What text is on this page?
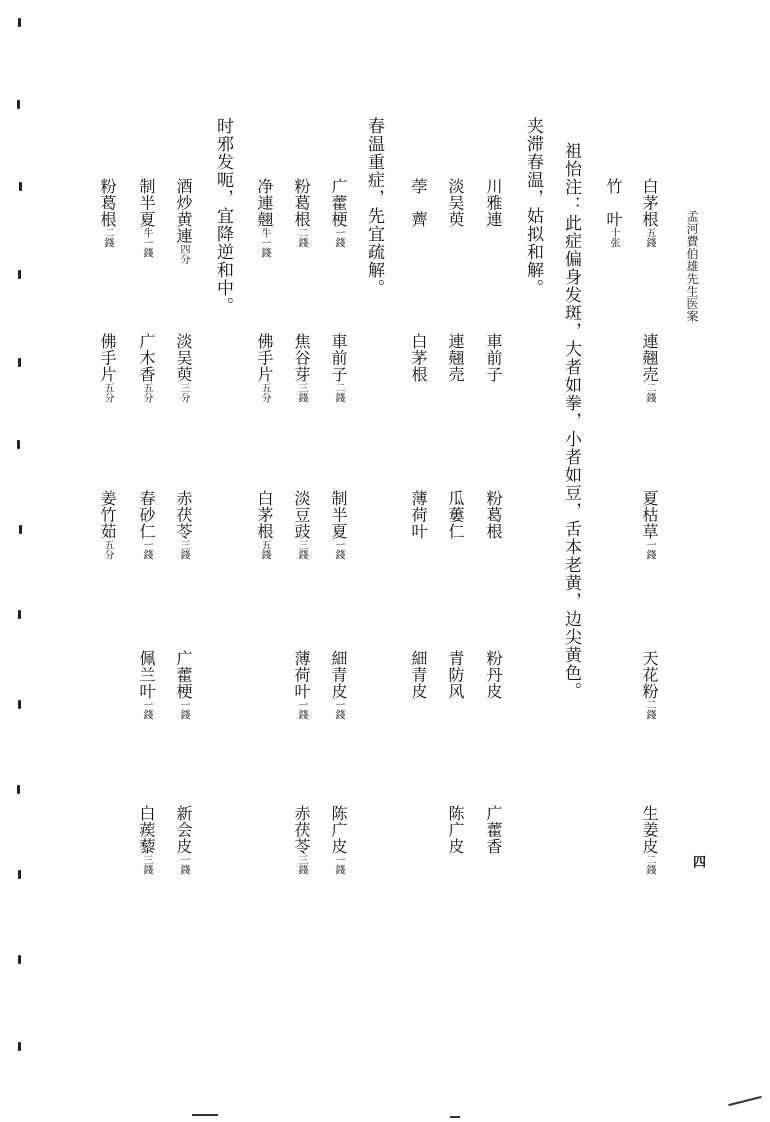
孟河費伯雄先生医案
四
白茅根五錢
連翹売二錢
夏枯草一錢
天花粉二錢
生姜皮二錢
竹　叶十张
祖怡注：此症偏身发斑，大者如拳，小者如豆，舌本老黄，边尖黄色。
夹滞春温，姑拟和解。
川雅連
車前子
粉葛根
粉丹皮
广藿香
淡吴萸
連翹売
瓜蔞仁
青防风
陈广皮
荸　薺
白茅根
薄荷叶
細青皮
春温重症，先宜疏解。
广藿梗一錢
車前子二錢
制半夏一錢
細青皮一錢
陈广皮一錢
粉葛根二錢
焦谷芽三錢
淡豆豉三錢
薄荷叶一錢
赤茯苓三錢
净連翹牛一錢
佛手片五分
白茅根五錢
时邪发呃，宜降逆和中。
酒炒黄連四分
淡吴萸三分
赤茯苓三錢
广藿梗一錢
新会皮一錢
制半夏牛一錢
广木香五分
春砂仁一錢
佩兰叶一錢
白蒺藜三錢
粉葛根二錢
佛手片五分
姜竹茹五分
